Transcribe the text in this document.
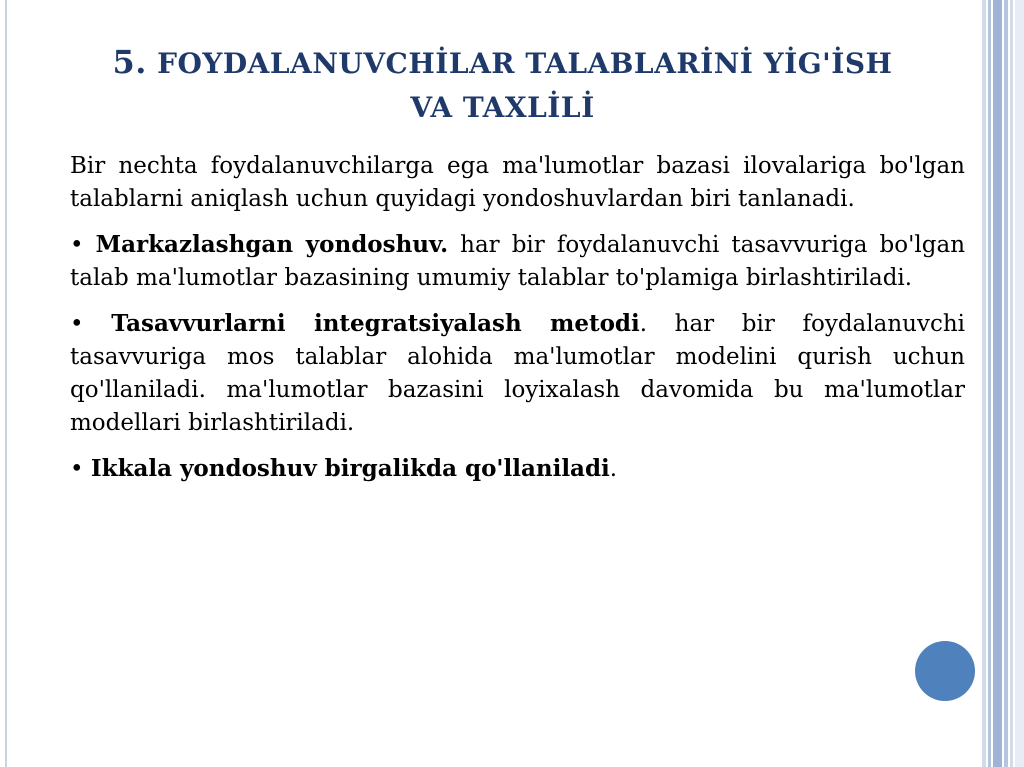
5. FOYDALANUVCHİLAR TALABLARİNİ YİG'İSH
VA TAXLİLİ

Bir nechta foydalanuvchilarga ega ma'lumotlar bazasi ilovalariga bo'lgan talablarni aniqlash uchun quyidagi yondoshuvlardan biri tanlanadi.

• Markazlashgan yondoshuv. har bir foydalanuvchi tasavvuriga bo'lgan talab ma'lumotlar bazasining umumiy talablar to'plamiga birlashtiriladi.

• Tasavvurlarni integratsiyalash metodi. har bir foydalanuvchi tasavvuriga mos talablar alohida ma'lumotlar modelini qurish uchun qo'llaniladi. ma'lumotlar bazasini loyixalash davomida bu ma'lumotlar modellari birlashtiriladi.

• Ikkala yondoshuv birgalikda qo'llaniladi.
